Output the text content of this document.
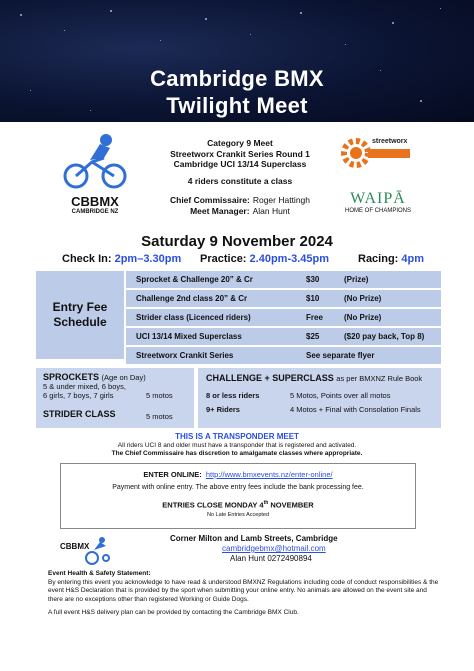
Cambridge BMX
Twilight Meet
CBBMX
CAMBRIDGE NZ
streetworx
WAIPĀ
HOME OF CHAMPIONS
Category 9 Meet
Streetworx Crankit Series Round 1
Cambridge UCI 13/14 Superclass
4 riders constitute a class
Chief Commissaire: Roger Hattingh
Meet Manager: Alan Hunt
Saturday 9 November 2024
Check In: 2pm–3.30pm Practice: 2.40pm-3.45pm	Racing: 4pm
Entry Fee
Schedule
Sprocket & Challenge 20” & Cr	$30	(Prize)
Challenge 2nd class 20” & Cr	$10	(No Prize)
Strider class (Licenced riders)	Free	(No Prize)
UCI 13/14 Mixed Superclass	$25	($20 pay back, Top 8)
Streetworx Crankit Series	See separate flyer
SPROCKETS (Age on Day)
5 & under mixed, 6 boys,
6 girls, 7 boys, 7 girls	5 motos
STRIDER CLASS	5 motos
CHALLENGE + SUPERCLASS as per BMXNZ Rule Book
8 or less riders	5 Motos, Points over all motos
9+ Riders	4 Motos + Final with Consolation Finals
THIS IS A TRANSPONDER MEET
All riders UCI 8 and older must have a transponder that is registered and activated.
The Chief Commissaire has discretion to amalgamate classes where appropriate.
ENTER ONLINE: http://www.bmxevents.nz/enter-online/
Payment with online entry. The above entry fees include the bank processing fee.
ENTRIES CLOSE MONDAY 4th NOVEMBER
No Late Entries Accepted
CBBMX
Corner Milton and Lamb Streets, Cambridge
cambridgebmx@hotmail.com
Alan Hunt 0272490894
Event Health & Safety Statement:
By entering this event you acknowledge to have read & understood BMXNZ Regulations including code of conduct responsibilities & the event H&S Declaration that is provided by the sport when submitting your online entry. No animals are allowed on the event site and there are no exceptions other than registered Working or Guide Dogs.
A full event H&S delivery plan can be provided by contacting the Cambridge BMX Club.
